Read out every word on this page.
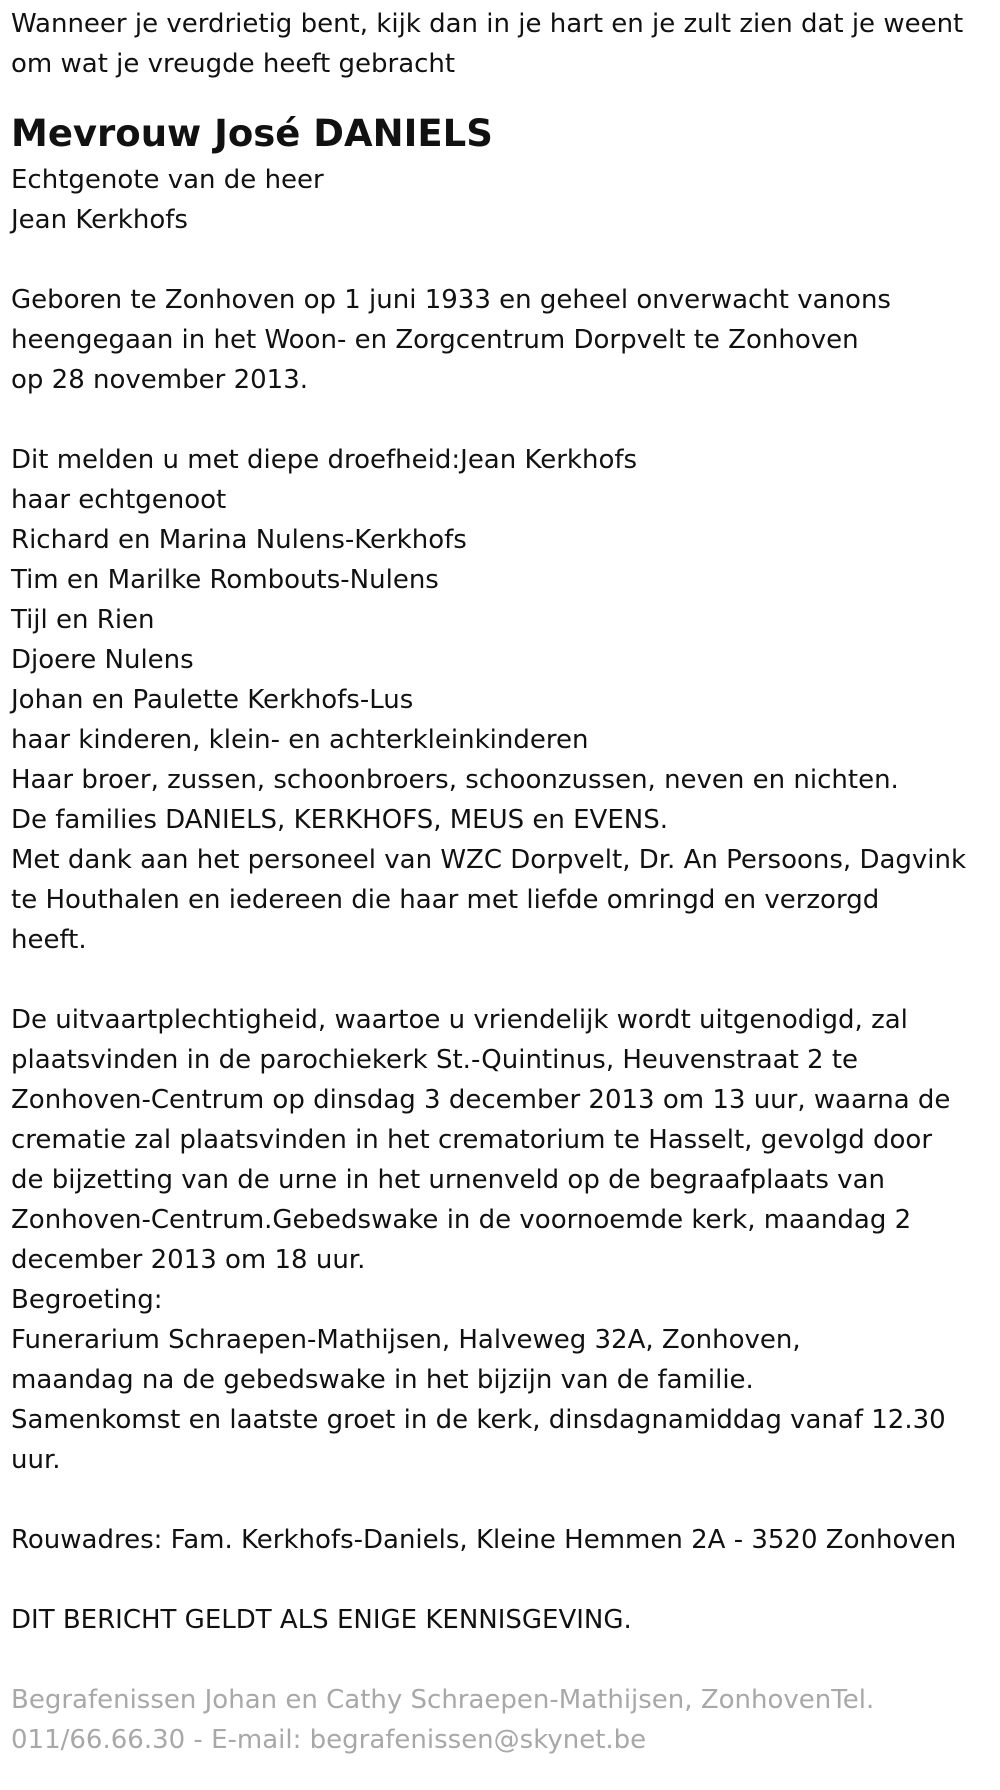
Wanneer je verdrietig bent, kijk dan in je hart en je zult zien dat je weent
om wat je vreugde heeft gebracht
Mevrouw José DANIELS
Echtgenote van de heer
Jean Kerkhofs
Geboren te Zonhoven op 1 juni 1933 en geheel onverwacht vanons
heengegaan in het Woon- en Zorgcentrum Dorpvelt te Zonhoven
op 28 november 2013.
Dit melden u met diepe droefheid:Jean Kerkhofs
haar echtgenoot
Richard en Marina Nulens-Kerkhofs
Tim en Marilke Rombouts-Nulens
Tijl en Rien
Djoere Nulens
Johan en Paulette Kerkhofs-Lus
haar kinderen, klein- en achterkleinkinderen
Haar broer, zussen, schoonbroers, schoonzussen, neven en nichten.
De families DANIELS, KERKHOFS, MEUS en EVENS.
Met dank aan het personeel van WZC Dorpvelt, Dr. An Persoons, Dagvink
te Houthalen en iedereen die haar met liefde omringd en verzorgd
heeft.
De uitvaartplechtigheid, waartoe u vriendelijk wordt uitgenodigd, zal
plaatsvinden in de parochiekerk St.-Quintinus, Heuvenstraat 2 te
Zonhoven-Centrum op dinsdag 3 december 2013 om 13 uur, waarna de
crematie zal plaatsvinden in het crematorium te Hasselt, gevolgd door
de bijzetting van de urne in het urnenveld op de begraafplaats van
Zonhoven-Centrum.Gebedswake in de voornoemde kerk, maandag 2
december 2013 om 18 uur.
Begroeting:
Funerarium Schraepen-Mathijsen, Halveweg 32A, Zonhoven,
maandag na de gebedswake in het bijzijn van de familie.
Samenkomst en laatste groet in de kerk, dinsdagnamiddag vanaf 12.30
uur.
Rouwadres: Fam. Kerkhofs-Daniels, Kleine Hemmen 2A - 3520 Zonhoven
DIT BERICHT GELDT ALS ENIGE KENNISGEVING.
Begrafenissen Johan en Cathy Schraepen-Mathijsen, ZonhovenTel.
011/66.66.30 - E-mail: begrafenissen@skynet.be
